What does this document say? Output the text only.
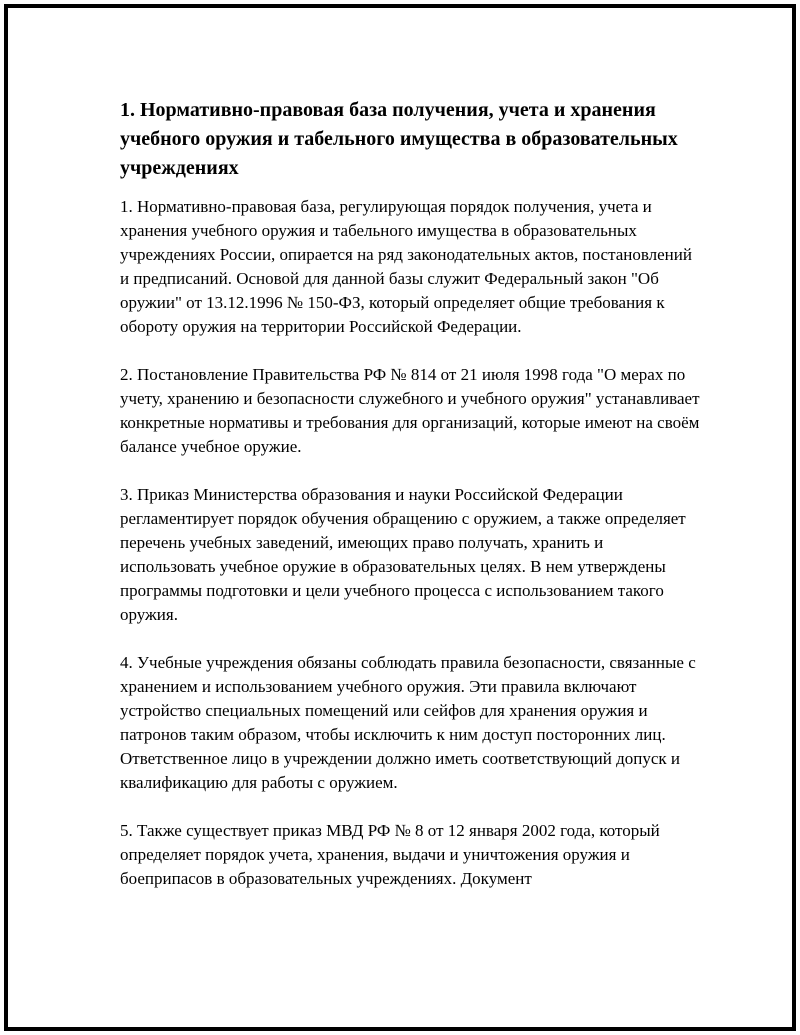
1. Нормативно-правовая база получения, учета и хранения учебного оружия и табельного имущества в образовательных учреждениях

1. Нормативно-правовая база, регулирующая порядок получения, учета и хранения учебного оружия и табельного имущества в образовательных учреждениях России, опирается на ряд законодательных актов, постановлений и предписаний. Основой для данной базы служит Федеральный закон "Об оружии" от 13.12.1996 № 150-ФЗ, который определяет общие требования к обороту оружия на территории Российской Федерации.

2. Постановление Правительства РФ № 814 от 21 июля 1998 года "О мерах по учету, хранению и безопасности служебного и учебного оружия" устанавливает конкретные нормативы и требования для организаций, которые имеют на своём балансе учебное оружие.

3. Приказ Министерства образования и науки Российской Федерации регламентирует порядок обучения обращению с оружием, а также определяет перечень учебных заведений, имеющих право получать, хранить и использовать учебное оружие в образовательных целях. В нем утверждены программы подготовки и цели учебного процесса с использованием такого оружия.

4. Учебные учреждения обязаны соблюдать правила безопасности, связанные с хранением и использованием учебного оружия. Эти правила включают устройство специальных помещений или сейфов для хранения оружия и патронов таким образом, чтобы исключить к ним доступ посторонних лиц. Ответственное лицо в учреждении должно иметь соответствующий допуск и квалификацию для работы с оружием.

5. Также существует приказ МВД РФ № 8 от 12 января 2002 года, который определяет порядок учета, хранения, выдачи и уничтожения оружия и боеприпасов в образовательных учреждениях. Документ
